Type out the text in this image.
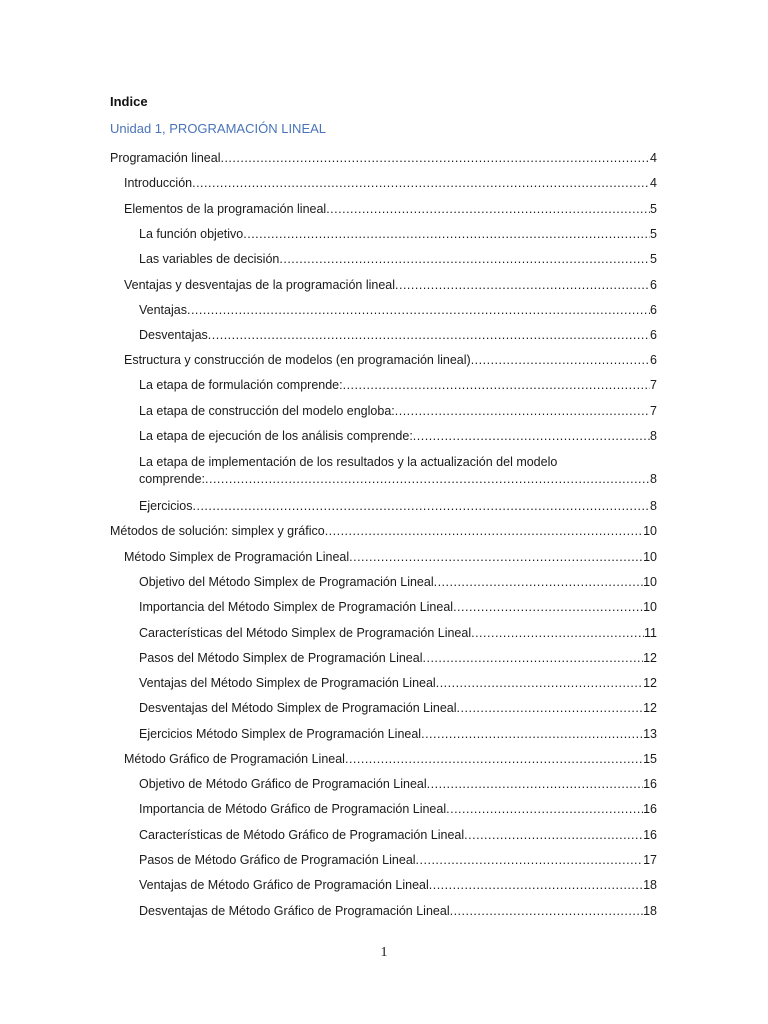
Indice
Unidad 1, PROGRAMACIÓN LINEAL
Programación lineal .....	4
Introducción .....	4
Elementos de la programación lineal .....	5
La función objetivo .....	5
Las variables de decisión .....	5
Ventajas y desventajas de la programación lineal .....	6
Ventajas .....	6
Desventajas .....	6
Estructura y construcción de modelos (en programación lineal) .....	6
La etapa de formulación comprende: .....	7
La etapa de construcción del modelo engloba: .....	7
La etapa de ejecución de los análisis comprende: .....	8
La etapa de implementación de los resultados y la actualización del modelo
comprende: .....	8
Ejercicios .....	8
Métodos de solución: simplex y gráfico .....	10
Método Simplex de Programación Lineal .....	10
Objetivo del Método Simplex de Programación Lineal .....	10
Importancia del Método Simplex de Programación Lineal .....	10
Características del Método Simplex de Programación Lineal .....	11
Pasos del Método Simplex de Programación Lineal .....	12
Ventajas del Método Simplex de Programación Lineal .....	12
Desventajas del Método Simplex de Programación Lineal .....	12
Ejercicios Método Simplex de Programación Lineal .....	13
Método Gráfico de Programación Lineal .....	15
Objetivo de Método Gráfico de Programación Lineal .....	16
Importancia de Método Gráfico de Programación Lineal .....	16
Características de Método Gráfico de Programación Lineal .....	16
Pasos de Método Gráfico de Programación Lineal .....	17
Ventajas de Método Gráfico de Programación Lineal .....	18
Desventajas de Método Gráfico de Programación Lineal .....	18
1
